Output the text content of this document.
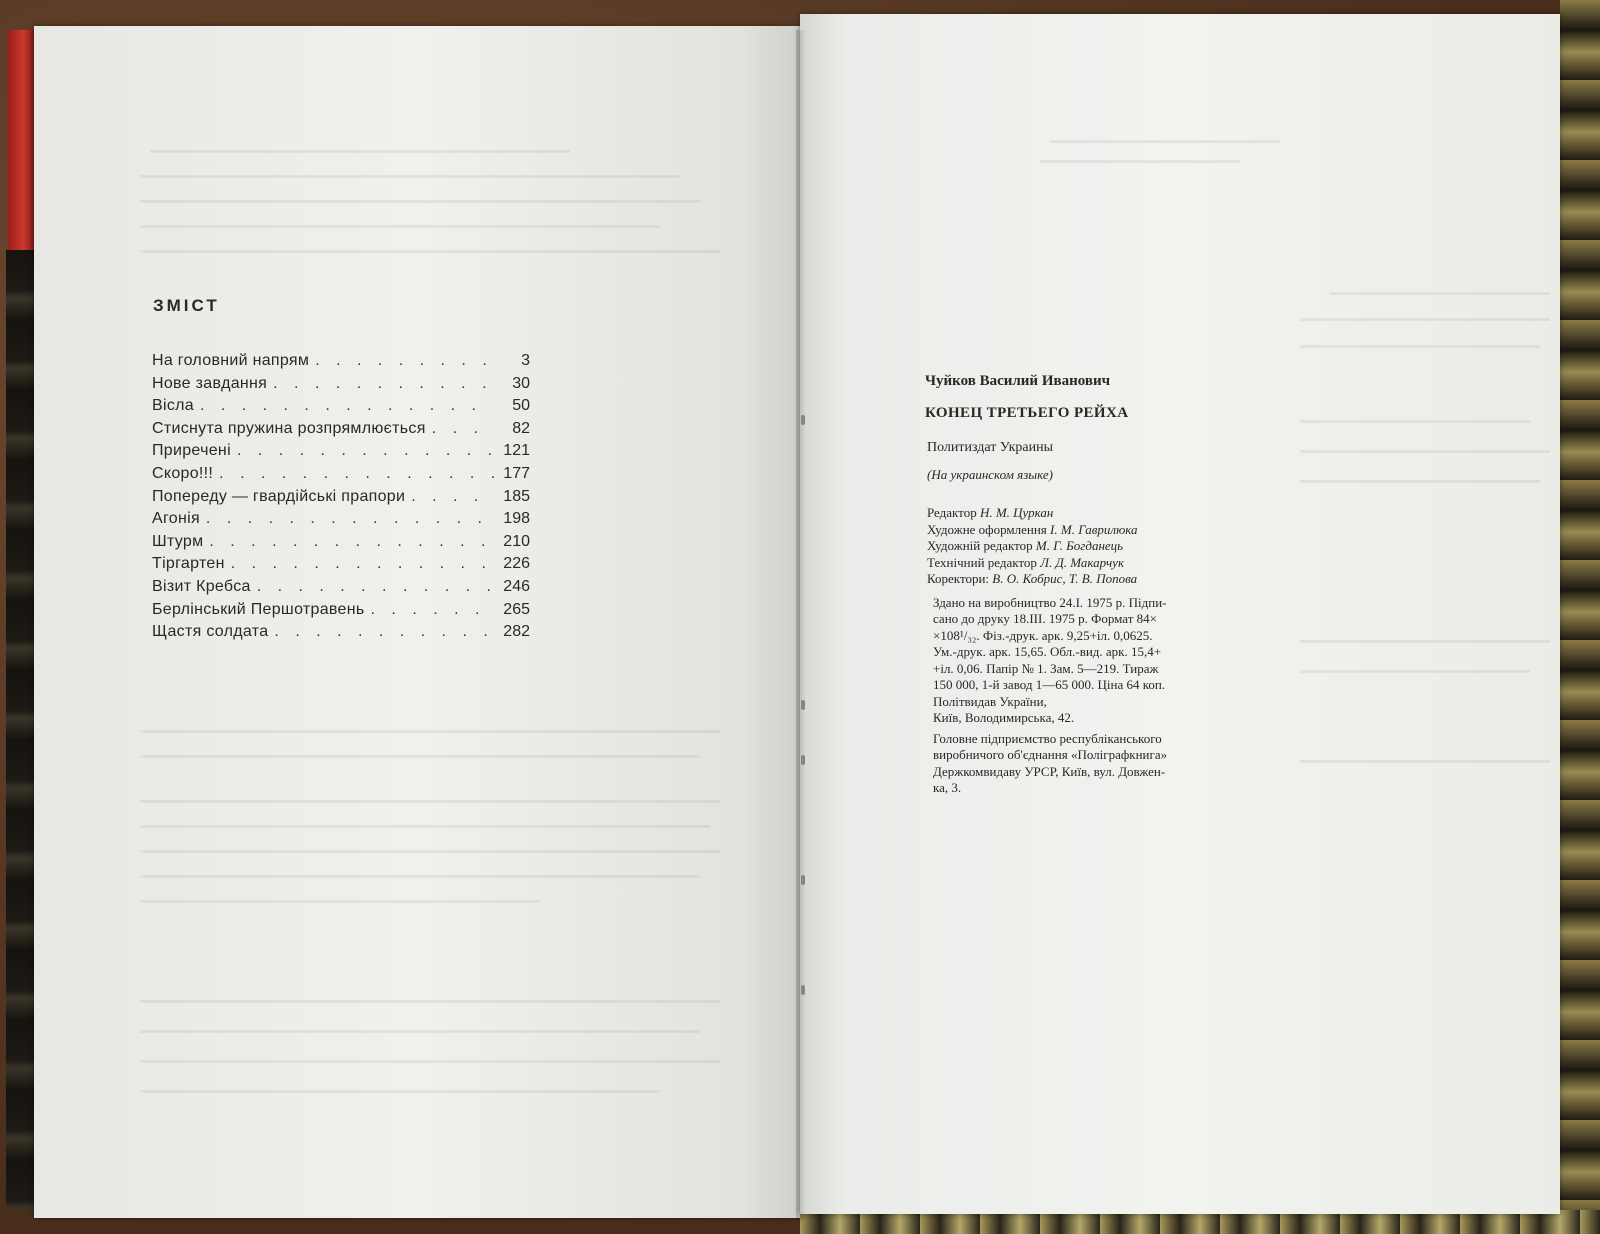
ЗМІСТ
На головний напрям . . .	3
Нове завдання . . .	30
Вісла . . .	50
Стиснута пружина розпрямлюється . . .	82
Приречені . . .	121
Скоро!!! . . .	177
Попереду — гвардійські прапори . . .	185
Агонія . . .	198
Штурм . . .	210
Тіргартен . . .	226
Візит Кребса . . .	246
Берлінський Першотравень . . .	265
Щастя солдата . . .	282
Чуйков Василий Иванович
КОНЕЦ ТРЕТЬЕГО РЕЙХА
Политиздат Украины
(На украинском языке)
Редактор Н. М. Цуркан
Художне оформлення І. М. Гаврилюка
Художній редактор М. Г. Богданець
Технічний редактор Л. Д. Макарчук
Коректори: В. О. Кобрис, Т. В. Попова
Здано на виробництво 24.І. 1975 р. Підпи-
сано до друку 18.ІІІ. 1975 р. Формат 84×
×108¹/₃₂. Фіз.-друк. арк. 9,25+іл. 0,0625.
Ум.-друк. арк. 15,65. Обл.-вид. арк. 15,4+
+іл. 0,06. Папір № 1. Зам. 5—219. Тираж
150 000, 1-й завод 1—65 000. Ціна 64 коп.
Політвидав України,
Київ, Володимирська, 42.
Головне підприємство республіканського
виробничого об'єднання «Поліграфкнига»
Держкомвидаву УРСР, Київ, вул. Довжен-
ка, 3.
